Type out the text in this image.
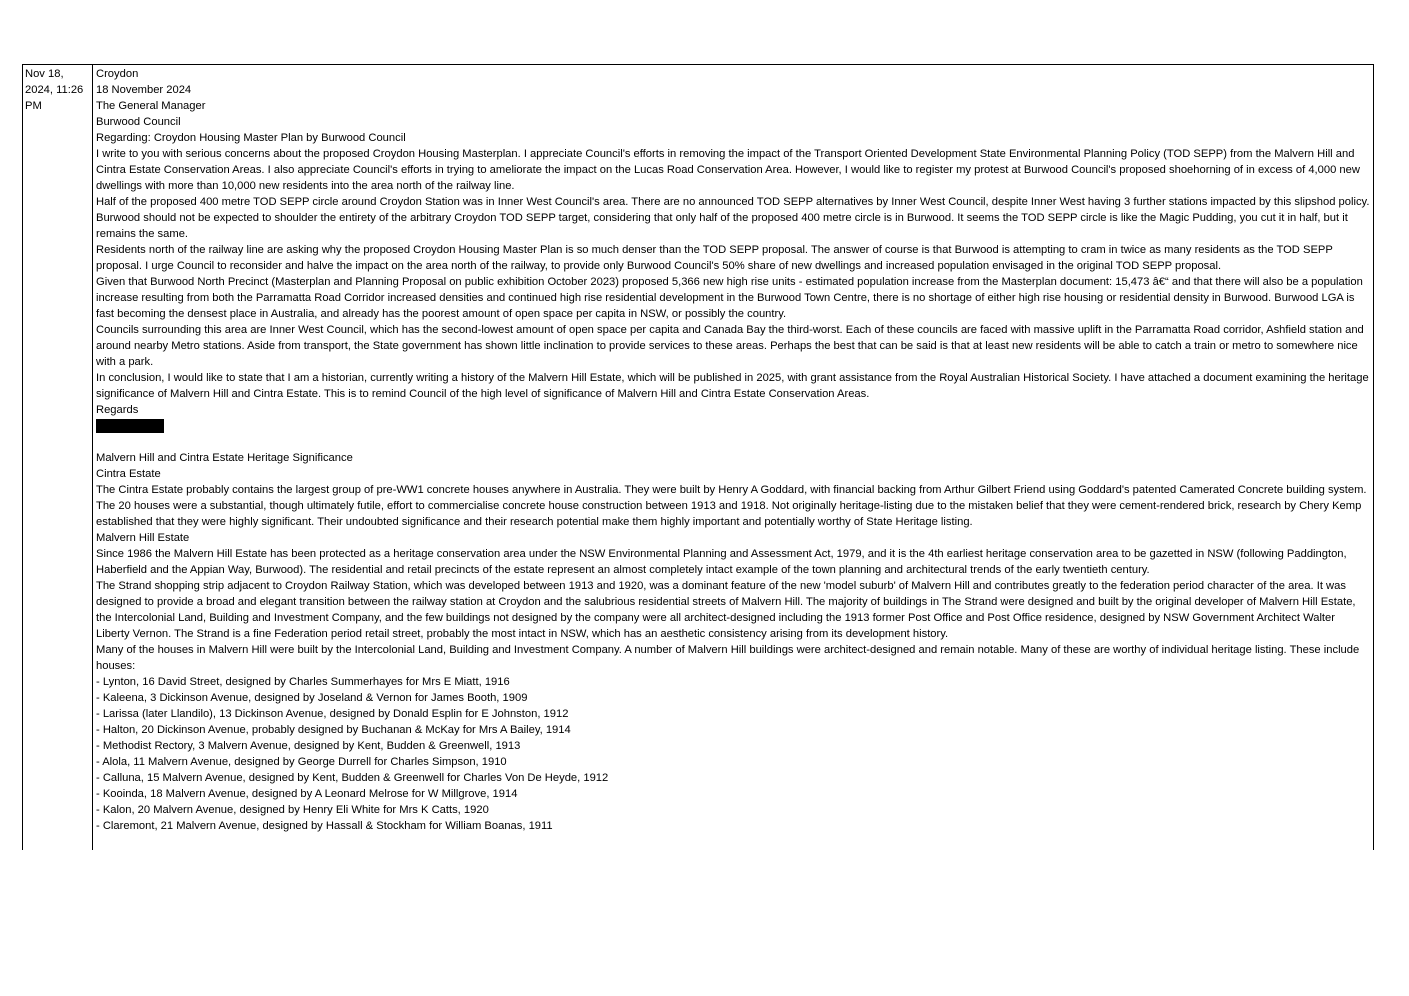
Nov 18, 2024, 11:26 PM
Croydon
18 November 2024
The General Manager
Burwood Council
Regarding: Croydon Housing Master Plan by Burwood Council
I write to you with serious concerns about the proposed Croydon Housing Masterplan. I appreciate Council's efforts in removing the impact of the Transport Oriented Development State Environmental Planning Policy (TOD SEPP) from the Malvern Hill and Cintra Estate Conservation Areas. I also appreciate Council's efforts in trying to ameliorate the impact on the Lucas Road Conservation Area. However, I would like to register my protest at Burwood Council's proposed shoehorning of in excess of 4,000 new dwellings with more than 10,000 new residents into the area north of the railway line.
Half of the proposed 400 metre TOD SEPP circle around Croydon Station was in Inner West Council's area. There are no announced TOD SEPP alternatives by Inner West Council, despite Inner West having 3 further stations impacted by this slipshod policy. Burwood should not be expected to shoulder the entirety of the arbitrary Croydon TOD SEPP target, considering that only half of the proposed 400 metre circle is in Burwood. It seems the TOD SEPP circle is like the Magic Pudding, you cut it in half, but it remains the same.
Residents north of the railway line are asking why the proposed Croydon Housing Master Plan is so much denser than the TOD SEPP proposal. The answer of course is that Burwood is attempting to cram in twice as many residents as the TOD SEPP proposal. I urge Council to reconsider and halve the impact on the area north of the railway, to provide only Burwood Council's 50% share of new dwellings and increased population envisaged in the original TOD SEPP proposal.
Given that Burwood North Precinct (Masterplan and Planning Proposal on public exhibition October 2023) proposed 5,366 new high rise units - estimated population increase from the Masterplan document: 15,473 â€“ and that there will also be a population increase resulting from both the Parramatta Road Corridor increased densities and continued high rise residential development in the Burwood Town Centre, there is no shortage of either high rise housing or residential density in Burwood. Burwood LGA is fast becoming the densest place in Australia, and already has the poorest amount of open space per capita in NSW, or possibly the country.
Councils surrounding this area are Inner West Council, which has the second-lowest amount of open space per capita and Canada Bay the third-worst. Each of these councils are faced with massive uplift in the Parramatta Road corridor, Ashfield station and around nearby Metro stations. Aside from transport, the State government has shown little inclination to provide services to these areas. Perhaps the best that can be said is that at least new residents will be able to catch a train or metro to somewhere nice with a park.
In conclusion, I would like to state that I am a historian, currently writing a history of the Malvern Hill Estate, which will be published in 2025, with grant assistance from the Royal Australian Historical Society. I have attached a document examining the heritage significance of Malvern Hill and Cintra Estate. This is to remind Council of the high level of significance of Malvern Hill and Cintra Estate Conservation Areas.
Regards
Malvern Hill and Cintra Estate Heritage Significance
Cintra Estate
The Cintra Estate probably contains the largest group of pre-WW1 concrete houses anywhere in Australia. They were built by Henry A Goddard, with financial backing from Arthur Gilbert Friend using Goddard's patented Camerated Concrete building system. The 20 houses were a substantial, though ultimately futile, effort to commercialise concrete house construction between 1913 and 1918. Not originally heritage-listing due to the mistaken belief that they were cement-rendered brick, research by Chery Kemp established that they were highly significant. Their undoubted significance and their research potential make them highly important and potentially worthy of State Heritage listing.
Malvern Hill Estate
Since 1986 the Malvern Hill Estate has been protected as a heritage conservation area under the NSW Environmental Planning and Assessment Act, 1979, and it is the 4th earliest heritage conservation area to be gazetted in NSW (following Paddington, Haberfield and the Appian Way, Burwood). The residential and retail precincts of the estate represent an almost completely intact example of the town planning and architectural trends of the early twentieth century.
The Strand shopping strip adjacent to Croydon Railway Station, which was developed between 1913 and 1920, was a dominant feature of the new 'model suburb' of Malvern Hill and contributes greatly to the federation period character of the area. It was designed to provide a broad and elegant transition between the railway station at Croydon and the salubrious residential streets of Malvern Hill. The majority of buildings in The Strand were designed and built by the original developer of Malvern Hill Estate, the Intercolonial Land, Building and Investment Company, and the few buildings not designed by the company were all architect-designed including the 1913 former Post Office and Post Office residence, designed by NSW Government Architect Walter Liberty Vernon. The Strand is a fine Federation period retail street, probably the most intact in NSW, which has an aesthetic consistency arising from its development history.
Many of the houses in Malvern Hill were built by the Intercolonial Land, Building and Investment Company. A number of Malvern Hill buildings were architect-designed and remain notable. Many of these are worthy of individual heritage listing. These include houses:
- Lynton, 16 David Street, designed by Charles Summerhayes for Mrs E Miatt, 1916
- Kaleena, 3 Dickinson Avenue, designed by Joseland & Vernon for James Booth, 1909
- Larissa (later Llandilo), 13 Dickinson Avenue, designed by Donald Esplin for E Johnston, 1912
- Halton, 20 Dickinson Avenue, probably designed by Buchanan & McKay for Mrs A Bailey, 1914
- Methodist Rectory, 3 Malvern Avenue, designed by Kent, Budden & Greenwell, 1913
- Alola, 11 Malvern Avenue, designed by George Durrell for Charles Simpson, 1910
- Calluna, 15 Malvern Avenue, designed by Kent, Budden & Greenwell for Charles Von De Heyde, 1912
- Kooinda, 18 Malvern Avenue, designed by A Leonard Melrose for W Millgrove, 1914
- Kalon, 20 Malvern Avenue, designed by Henry Eli White for Mrs K Catts, 1920
- Claremont, 21 Malvern Avenue, designed by Hassall & Stockham for William Boanas, 1911
